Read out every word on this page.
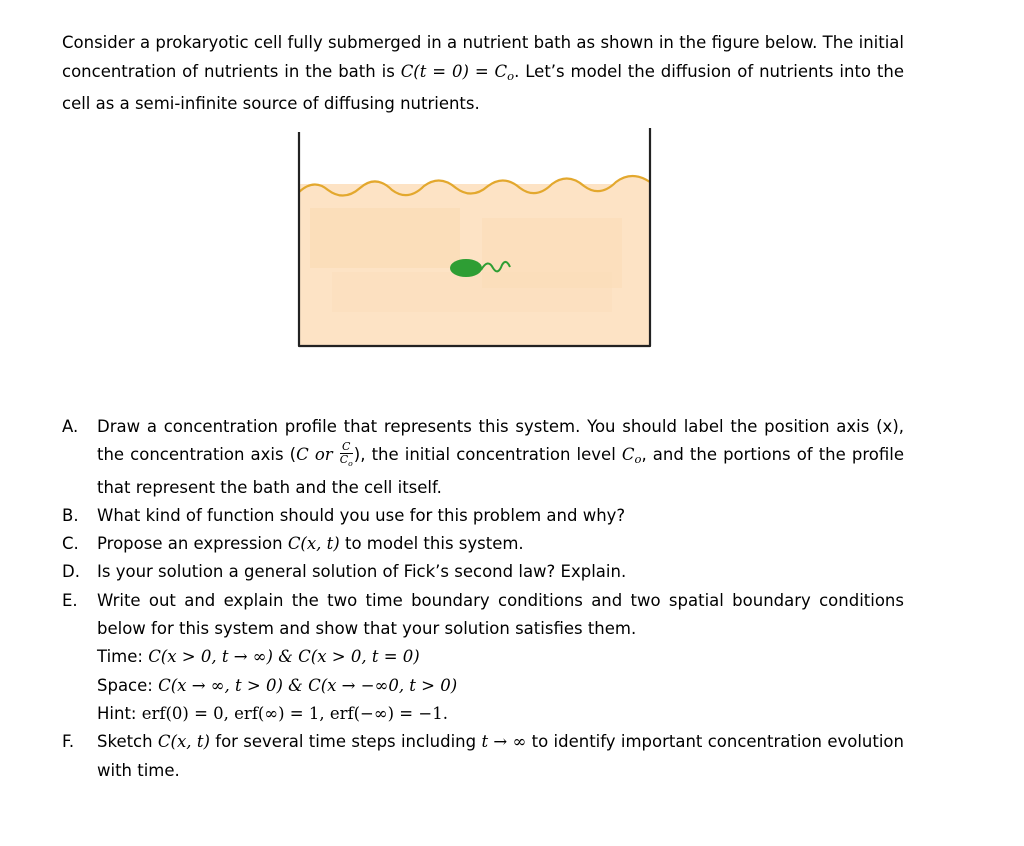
Consider a prokaryotic cell fully submerged in a nutrient bath as shown in the figure below. The initial concentration of nutrients in the bath is $C(t = 0) = C_o$. Let’s model the diffusion of nutrients into the cell as a semi-infinite source of diffusing nutrients.

A. Draw a concentration profile that represents this system. You should label the position axis (x), the concentration axis (C or $\frac{C}{C_o}$ ), the initial concentration level $C_o$, and the portions of the profile that represent the bath and the cell itself.
B. What kind of function should you use for this problem and why?
C. Propose an expression C(x, t) to model this system.
D. Is your solution a general solution of Fick’s second law? Explain.
E. Write out and explain the two time boundary conditions and two spatial boundary conditions below for this system and show that your solution satisfies them.
Time: C(x > 0, t → ∞) & C(x > 0, t = 0)
Space: C(x → ∞, t > 0) & C(x → −∞0, t > 0)
Hint: erf(0) = 0, erf(∞) = 1, erf(−∞) = −1.
F. Sketch C(x, t) for several time steps including t → ∞ to identify important concentration evolution with time.
